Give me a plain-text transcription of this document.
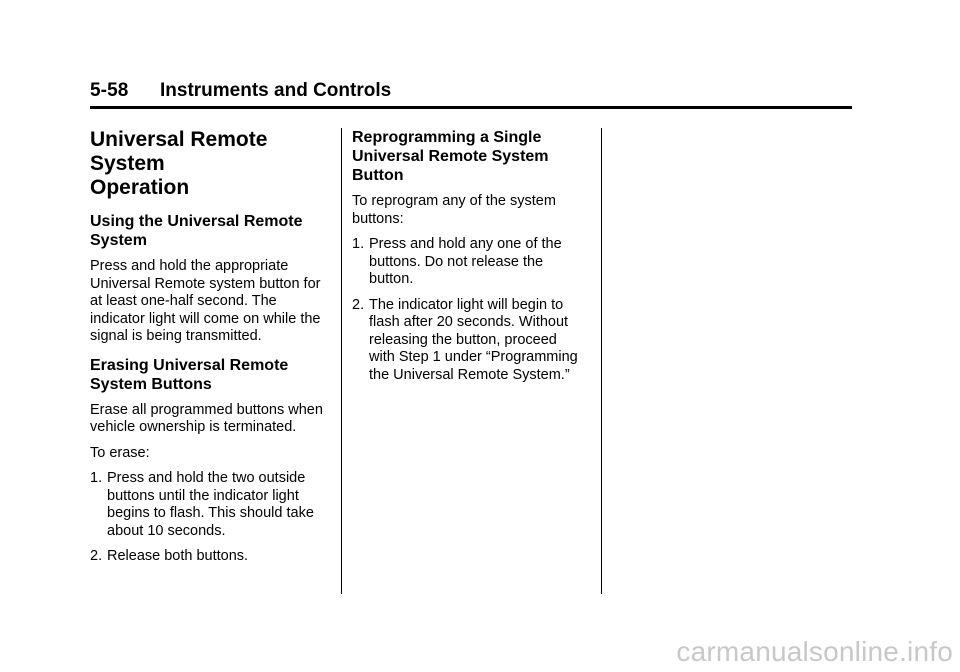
5-58 Instruments and Controls
Universal Remote System
Operation
Using the Universal Remote
System
Press and hold the appropriate
Universal Remote system button for
at least one-half second. The
indicator light will come on while the
signal is being transmitted.
Erasing Universal Remote
System Buttons
Erase all programmed buttons when
vehicle ownership is terminated.
To erase:
1. Press and hold the two outside
buttons until the indicator light
begins to flash. This should take
about 10 seconds.
2. Release both buttons.
Reprogramming a Single
Universal Remote System
Button
To reprogram any of the system
buttons:
1. Press and hold any one of the
buttons. Do not release the
button.
2. The indicator light will begin to
flash after 20 seconds. Without
releasing the button, proceed
with Step 1 under “Programming
the Universal Remote System.”
carmanualsonline.info
